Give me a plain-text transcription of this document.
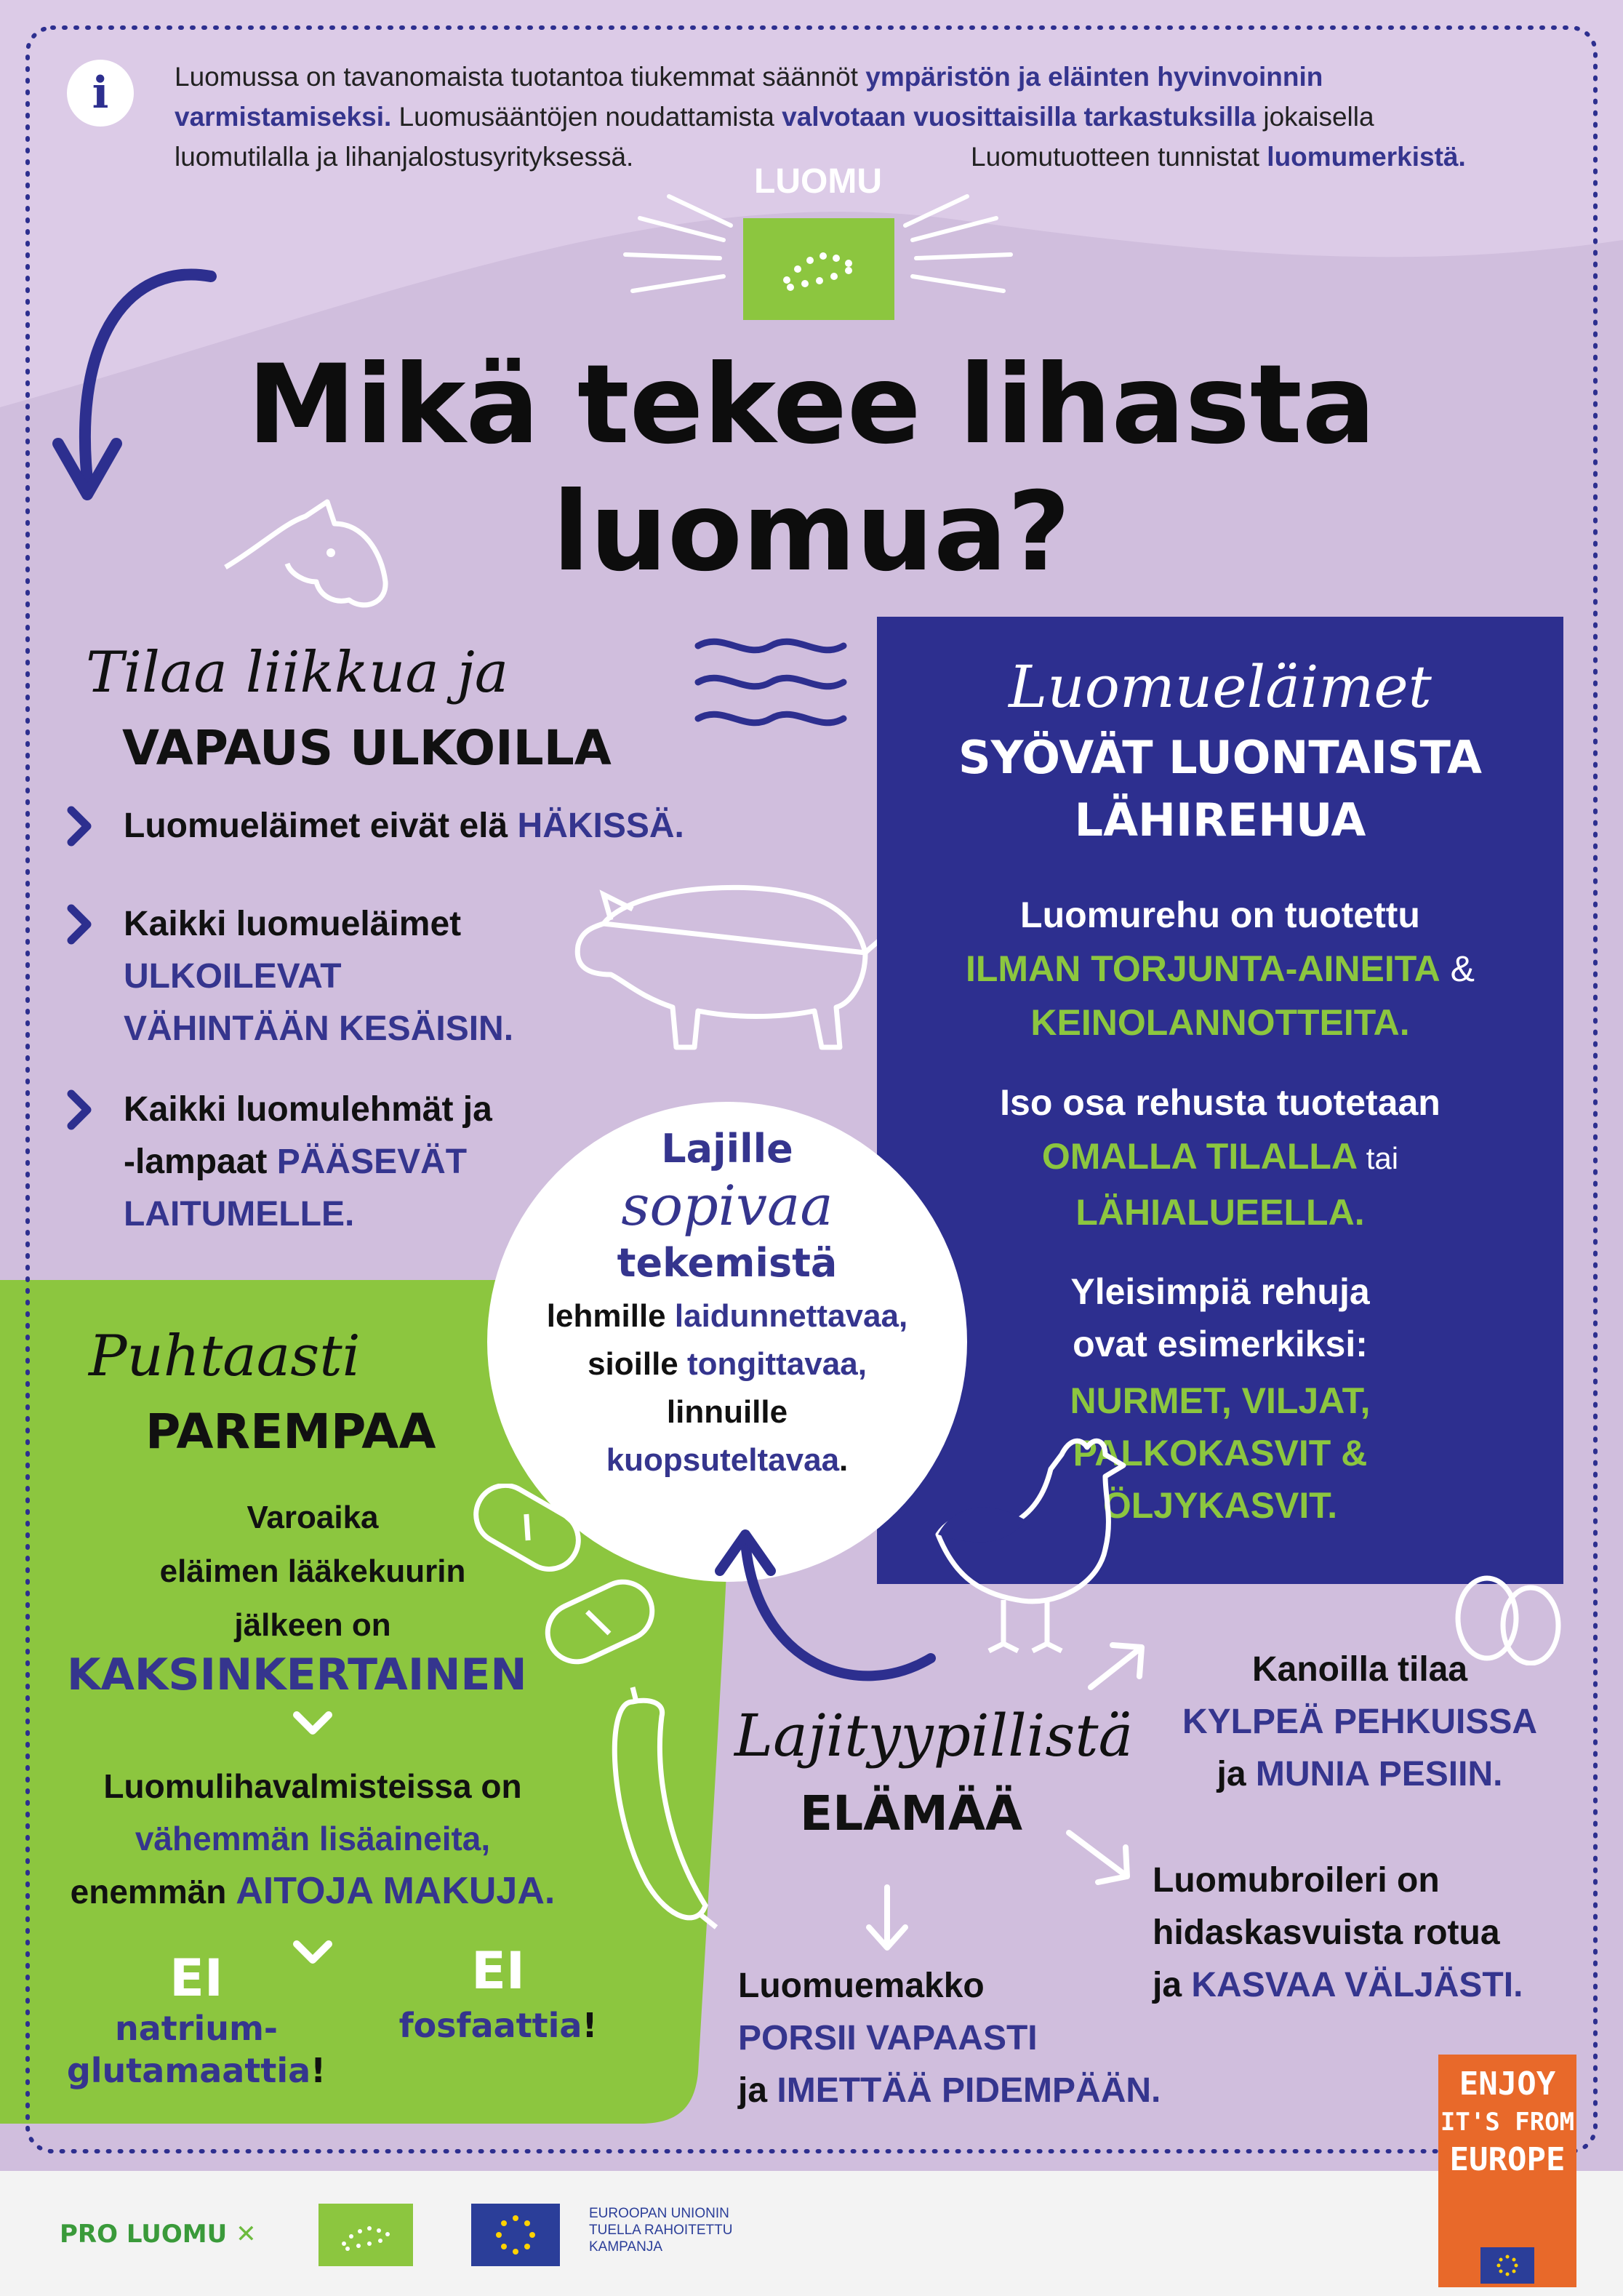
i	Luomussa on tavanomaista tuotantoa tiukemmat säännöt ympäristön ja eläinten hyvinvoinnin
varmistamiseksi. Luomusääntöjen noudattamista valvotaan vuosittaisilla tarkastuksilla jokaisella
luomutilalla ja lihanjalostusyrityksessä.	Luomutuotteen tunnistat luomumerkistä.
LUOMU
Mikä tekee lihasta
luomua?
Tilaa liikkua ja
VAPAUS ULKOILLA
Luomueläimet eivät elä HÄKISSÄ.
Kaikki luomueläimet
ULKOILEVAT
VÄHINTÄÄN KESÄISIN.
Kaikki luomulehmät ja
-lampaat PÄÄSEVÄT
LAITUMELLE.
Luomueläimet
SYÖVÄT LUONTAISTA
LÄHIREHUA
Luomurehu on tuotettu
ILMAN TORJUNTA-AINEITA &
KEINOLANNOTTEITA.
Iso osa rehusta tuotetaan
OMALLA TILALLA tai
LÄHIALUEELLA.
Yleisimpiä rehuja
ovat esimerkiksi:
NURMET, VILJAT,
PALKOKASVIT &
ÖLJYKASVIT.
Lajille
sopivaa
tekemistä
lehmille laidunnettavaa,
sioille tongittavaa,
linnuille
kuopsuteltavaa.
Puhtaasti
PAREMPAA
Varoaika
eläimen lääkekuurin
jälkeen on
KAKSINKERTAINEN
Luomulihavalmisteissa on
vähemmän lisäaineita,
enemmän AITOJA MAKUJA.
EI
natrium-
glutamaattia!
EI
fosfaattia!
Lajityypillistä
ELÄMÄÄ
Kanoilla tilaa
KYLPEÄ PEHKUISSA
ja MUNIA PESIIN.
Luomubroileri on
hidaskasvuista rotua
ja KASVAA VÄLJÄSTI.
Luomuemakko
PORSII VAPAASTI
ja IMETTÄÄ PIDEMPÄÄN.
PRO LUOMU ✕
EUROOPAN UNIONIN
TUELLA RAHOITETTU
KAMPANJA
ENJOY
IT'S FROM
EUROPE
